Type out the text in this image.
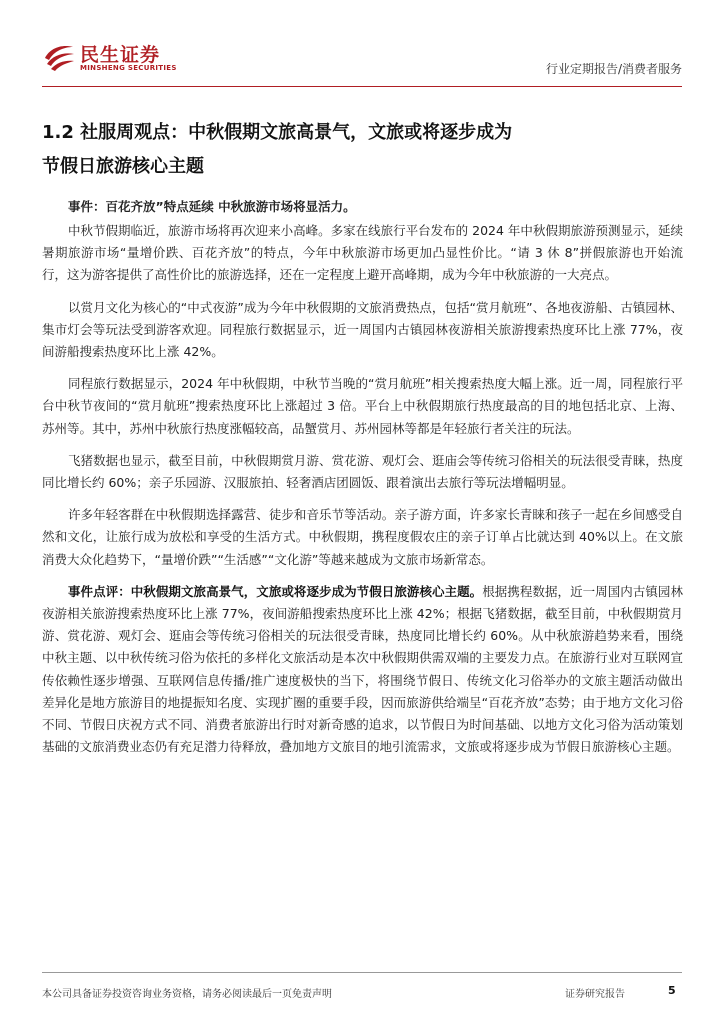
民生证券
MINSHENG SECURITIES	行业定期报告/消费者服务
1.2 社服周观点：中秋假期文旅高景气，文旅或将逐步成为
节假日旅游核心主题

事件：百花齐放”特点延续 中秋旅游市场将显活力。

中秋节假期临近，旅游市场将再次迎来小高峰。多家在线旅行平台发布的 2024 年中秋假期旅游预测显示，延续暑期旅游市场“量增价跌、百花齐放”的特点，今年中秋旅游市场更加凸显性价比。“请 3 休 8”拼假旅游也开始流行，这为游客提供了高性价比的旅游选择，还在一定程度上避开高峰期，成为今年中秋旅游的一大亮点。

以赏月文化为核心的“中式夜游”成为今年中秋假期的文旅消费热点，包括“赏月航班”、各地夜游船、古镇园林、集市灯会等玩法受到游客欢迎。同程旅行数据显示，近一周国内古镇园林夜游相关旅游搜索热度环比上涨 77%，夜间游船搜索热度环比上涨 42%。

同程旅行数据显示，2024 年中秋假期，中秋节当晚的“赏月航班”相关搜索热度大幅上涨。近一周，同程旅行平台中秋节夜间的“赏月航班”搜索热度环比上涨超过 3 倍。平台上中秋假期旅行热度最高的目的地包括北京、上海、苏州等。其中，苏州中秋旅行热度涨幅较高，品蟹赏月、苏州园林等都是年轻旅行者关注的玩法。

飞猪数据也显示，截至目前，中秋假期赏月游、赏花游、观灯会、逛庙会等传统习俗相关的玩法很受青睐，热度同比增长约 60%；亲子乐园游、汉服旅拍、轻奢酒店团圆饭、跟着演出去旅行等玩法增幅明显。

许多年轻客群在中秋假期选择露营、徒步和音乐节等活动。亲子游方面，许多家长青睐和孩子一起在乡间感受自然和文化，让旅行成为放松和享受的生活方式。中秋假期，携程度假农庄的亲子订单占比就达到 40%以上。在文旅消费大众化趋势下，“量增价跌”“生活感”“文化游”等越来越成为文旅市场新常态。

事件点评：中秋假期文旅高景气，文旅或将逐步成为节假日旅游核心主题。根据携程数据，近一周国内古镇园林夜游相关旅游搜索热度环比上涨 77%，夜间游船搜索热度环比上涨 42%；根据飞猪数据，截至目前，中秋假期赏月游、赏花游、观灯会、逛庙会等传统习俗相关的玩法很受青睐，热度同比增长约 60%。从中秋旅游趋势来看，围绕中秋主题、以中秋传统习俗为依托的多样化文旅活动是本次中秋假期供需双端的主要发力点。在旅游行业对互联网宣传依赖性逐步增强、互联网信息传播/推广速度极快的当下，将围绕节假日、传统文化习俗举办的文旅主题活动做出差异化是地方旅游目的地提振知名度、实现扩圈的重要手段，因而旅游供给端呈“百花齐放”态势；由于地方文化习俗不同、节假日庆祝方式不同、消费者旅游出行时对新奇感的追求，以节假日为时间基础、以地方文化习俗为活动策划基础的文旅消费业态仍有充足潜力待释放，叠加地方文旅目的地引流需求，文旅或将逐步成为节假日旅游核心主题。

本公司具备证券投资咨询业务资格，请务必阅读最后一页免责声明	证券研究报告	5
